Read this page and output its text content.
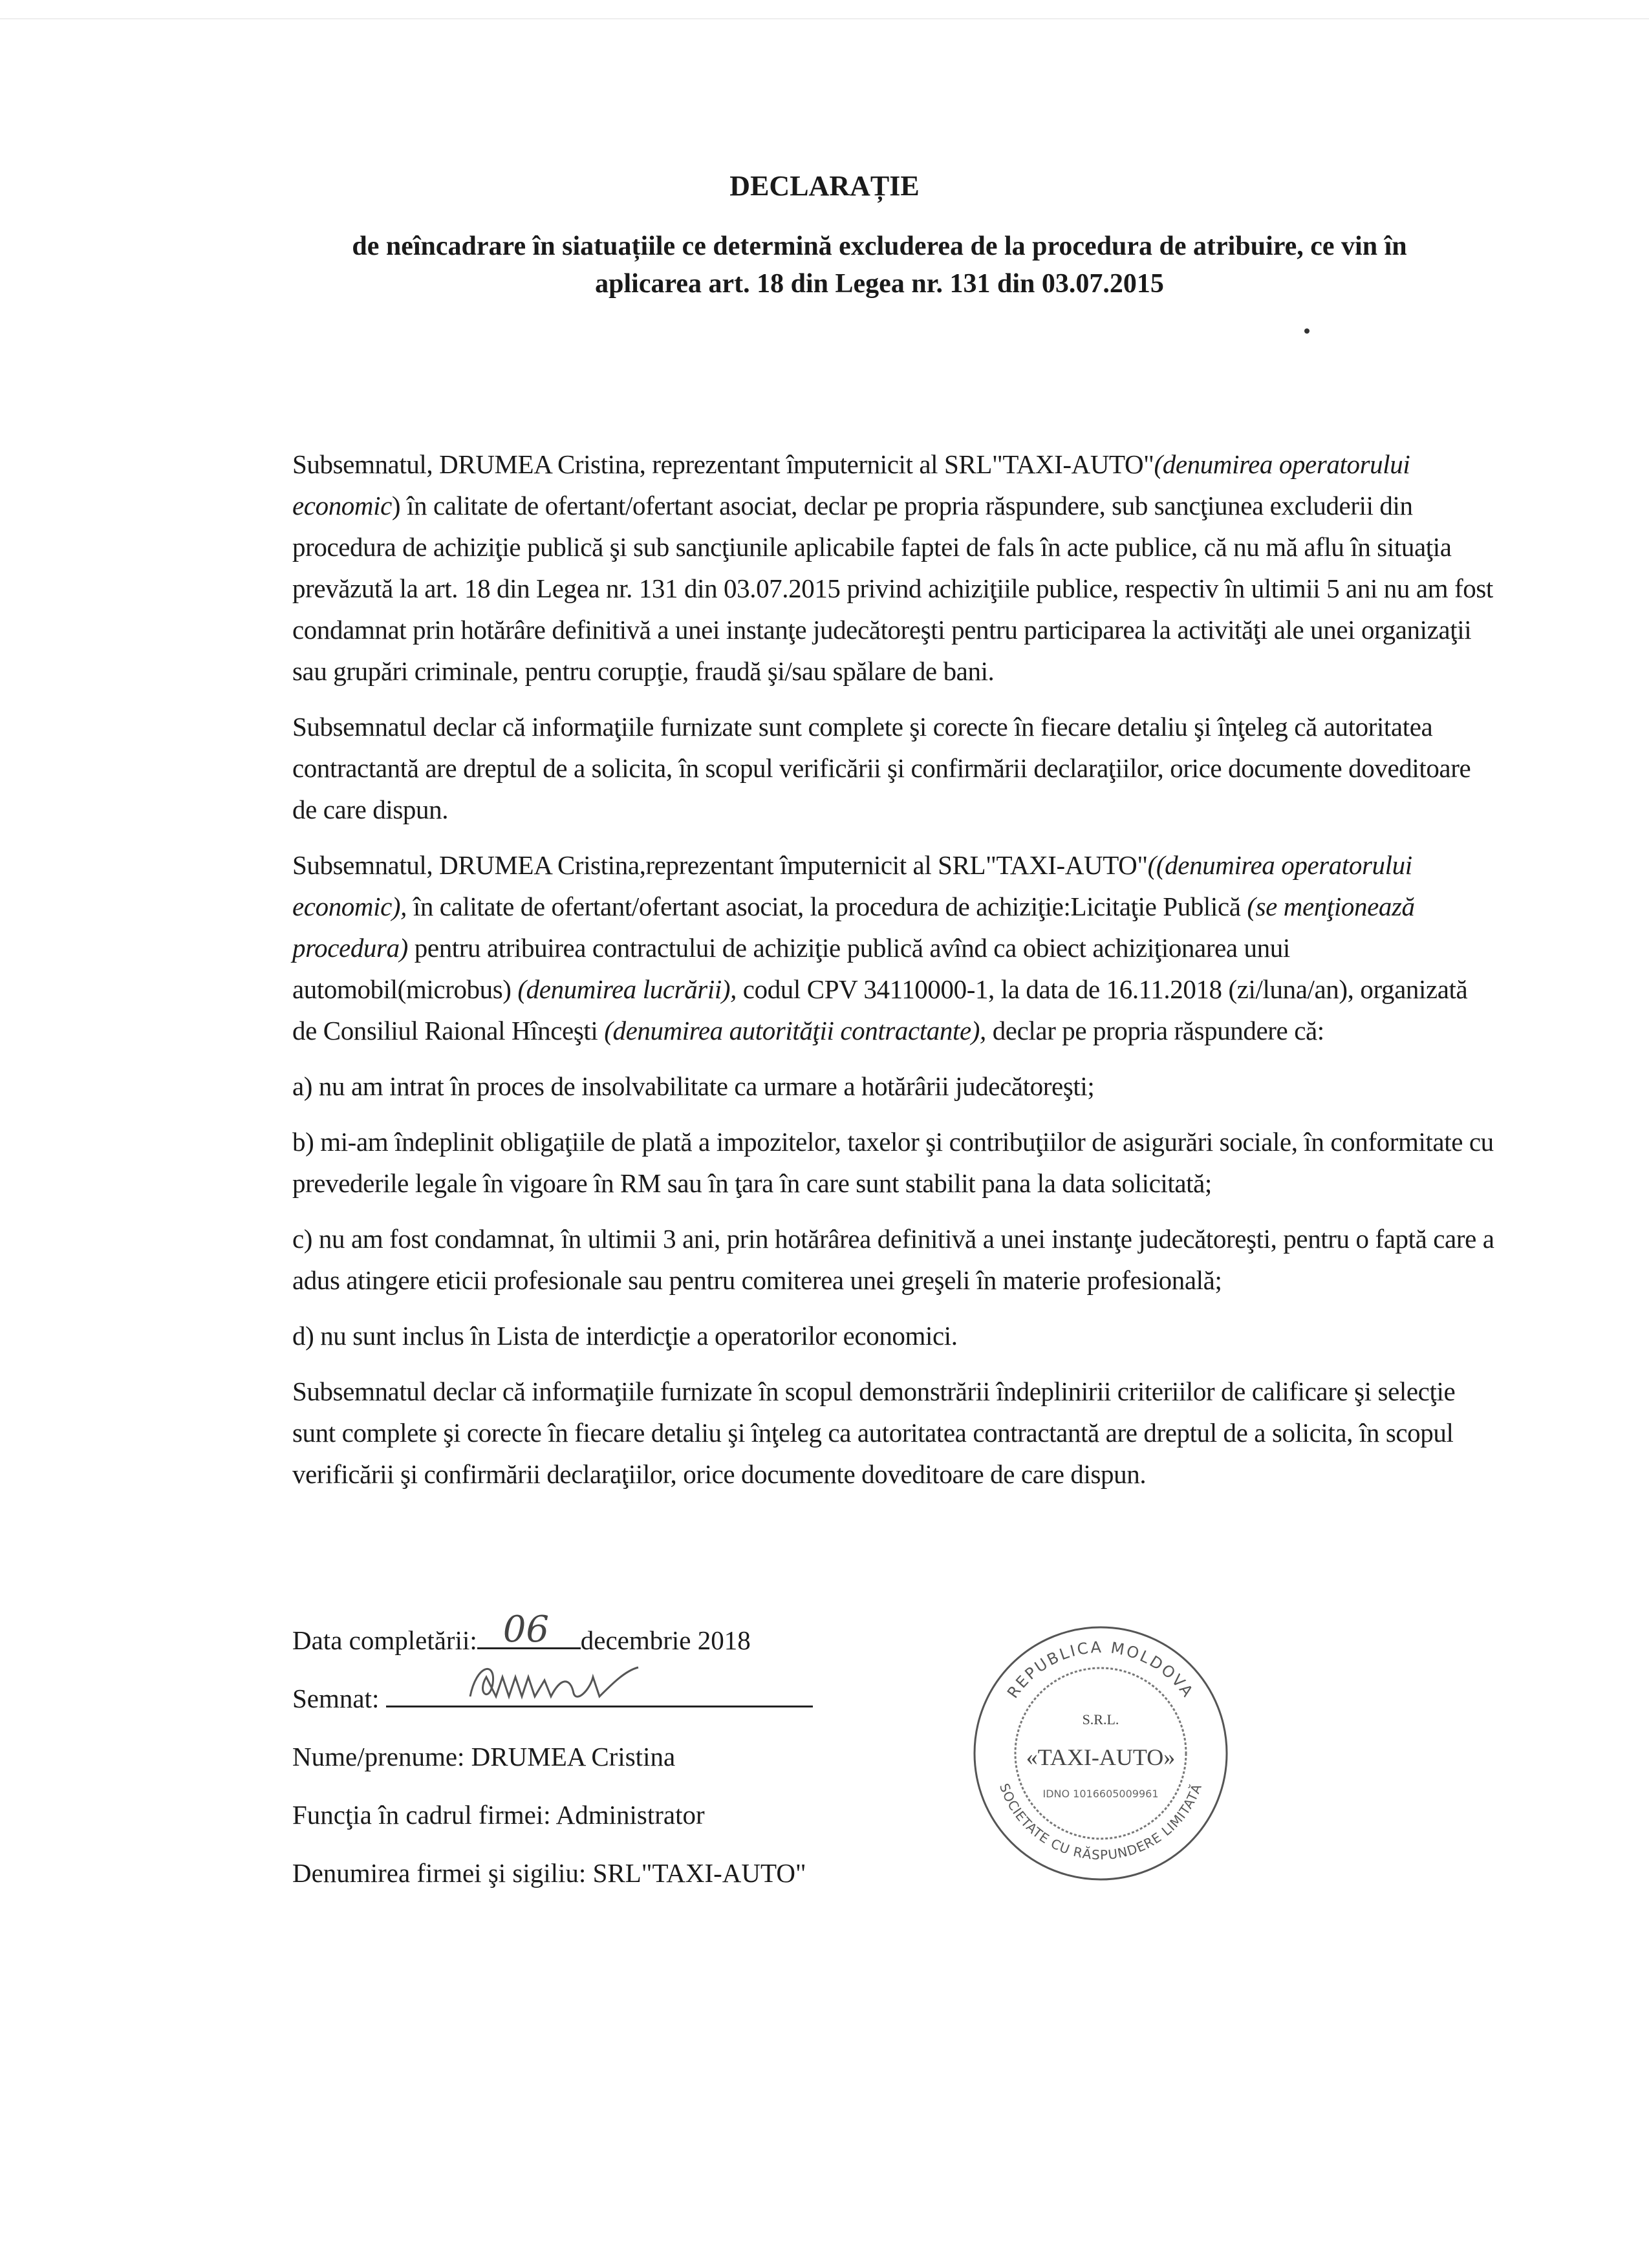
DECLARAȚIE
de neîncadrare în siatuațiile ce determină excluderea de la procedura de atribuire, ce vin în aplicarea art. 18 din Legea nr. 131 din 03.07.2015
Subsemnatul, DRUMEA Cristina, reprezentant împuternicit al SRL"TAXI-AUTO"(denumirea operatorului economic) în calitate de ofertant/ofertant asociat, declar pe propria răspundere, sub sancţiunea excluderii din procedura de achiziţie publică şi sub sancţiunile aplicabile faptei de fals în acte publice, că nu mă aflu în situaţia prevăzută la art. 18 din Legea nr. 131 din 03.07.2015 privind achiziţiile publice, respectiv în ultimii 5 ani nu am fost condamnat prin hotărâre definitivă a unei instanţe judecătoreşti pentru participarea la activităţi ale unei organizaţii sau grupări criminale, pentru corupţie, fraudă şi/sau spălare de bani.
Subsemnatul declar că informaţiile furnizate sunt complete şi corecte în fiecare detaliu şi înţeleg că autoritatea contractantă are dreptul de a solicita, în scopul verificării şi confirmării declaraţiilor, orice documente doveditoare de care dispun.
Subsemnatul, DRUMEA Cristina,reprezentant împuternicit al SRL"TAXI-AUTO"((denumirea operatorului economic), în calitate de ofertant/ofertant asociat, la procedura de achiziţie:Licitaţie Publică (se menţionează procedura) pentru atribuirea contractului de achiziţie publică avînd ca obiect achiziţionarea unui automobil(microbus) (denumirea lucrării), codul CPV 34110000-1, la data de 16.11.2018 (zi/luna/an), organizată de Consiliul Raional Hînceşti (denumirea autorităţii contractante), declar pe propria răspundere că:
a) nu am intrat în proces de insolvabilitate ca urmare a hotărârii judecătoreşti;
b) mi-am îndeplinit obligaţiile de plată a impozitelor, taxelor şi contribuţiilor de asigurări sociale, în conformitate cu prevederile legale în vigoare în RM sau în ţara în care sunt stabilit pana la data solicitată;
c) nu am fost condamnat, în ultimii 3 ani, prin hotărârea definitivă a unei instanţe judecătoreşti, pentru o faptă care a adus atingere eticii profesionale sau pentru comiterea unei greşeli în materie profesională;
d) nu sunt inclus în Lista de interdicţie a operatorilor economici.
Subsemnatul declar că informaţiile furnizate în scopul demonstrării îndeplinirii criteriilor de calificare şi selecţie sunt complete şi corecte în fiecare detaliu şi înţeleg ca autoritatea contractantă are dreptul de a solicita, în scopul verificării şi confirmării declaraţiilor, orice documente doveditoare de care dispun.
Data completării: 06 decembrie 2018
Semnat:
Nume/prenume: DRUMEA Cristina
Funcţia în cadrul firmei: Administrator
Denumirea firmei şi sigiliu: SRL"TAXI-AUTO"
REPUBLICA MOLDOVA
SOCIETATE CU RĂSPUNDERE LIMITATĂ
S.R.L.
«TAXI-AUTO»
IDNO 1016605009961
